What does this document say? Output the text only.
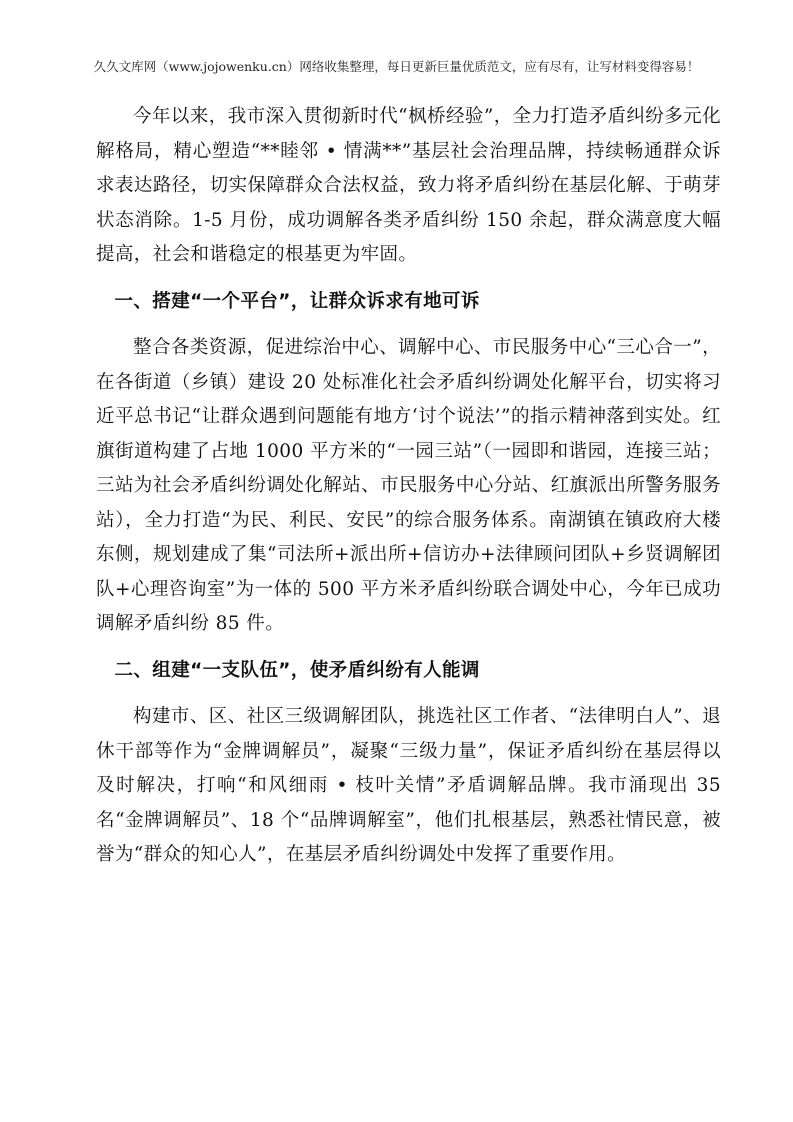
久久文库网（www.jojowenku.cn）网络收集整理，每日更新巨量优质范文，应有尽有，让写材料变得容易！

今年以来，我市深入贯彻新时代“枫桥经验”，全力打造矛盾纠纷多元化解格局，精心塑造“**睦邻 • 情满**”基层社会治理品牌，持续畅通群众诉求表达路径，切实保障群众合法权益，致力将矛盾纠纷在基层化解、于萌芽状态消除。1-5 月份，成功调解各类矛盾纠纷 150 余起，群众满意度大幅提高，社会和谐稳定的根基更为牢固。

一、搭建“一个平台”，让群众诉求有地可诉

整合各类资源，促进综治中心、调解中心、市民服务中心“三心合一”，在各街道（乡镇）建设 20 处标准化社会矛盾纠纷调处化解平台，切实将习近平总书记“让群众遇到问题能有地方‘讨个说法’”的指示精神落到实处。红旗街道构建了占地 1000 平方米的“一园三站”（一园即和谐园，连接三站；三站为社会矛盾纠纷调处化解站、市民服务中心分站、红旗派出所警务服务站），全力打造“为民、利民、安民”的综合服务体系。南湖镇在镇政府大楼东侧，规划建成了集“司法所+派出所+信访办+法律顾问团队+乡贤调解团队+心理咨询室”为一体的 500 平方米矛盾纠纷联合调处中心，今年已成功调解矛盾纠纷 85 件。

二、组建“一支队伍”，使矛盾纠纷有人能调

构建市、区、社区三级调解团队，挑选社区工作者、“法律明白人”、退休干部等作为“金牌调解员”，凝聚“三级力量”，保证矛盾纠纷在基层得以及时解决，打响“和风细雨 • 枝叶关情”矛盾调解品牌。我市涌现出 35 名“金牌调解员”、18 个“品牌调解室”，他们扎根基层，熟悉社情民意，被誉为“群众的知心人”，在基层矛盾纠纷调处中发挥了重要作用。
